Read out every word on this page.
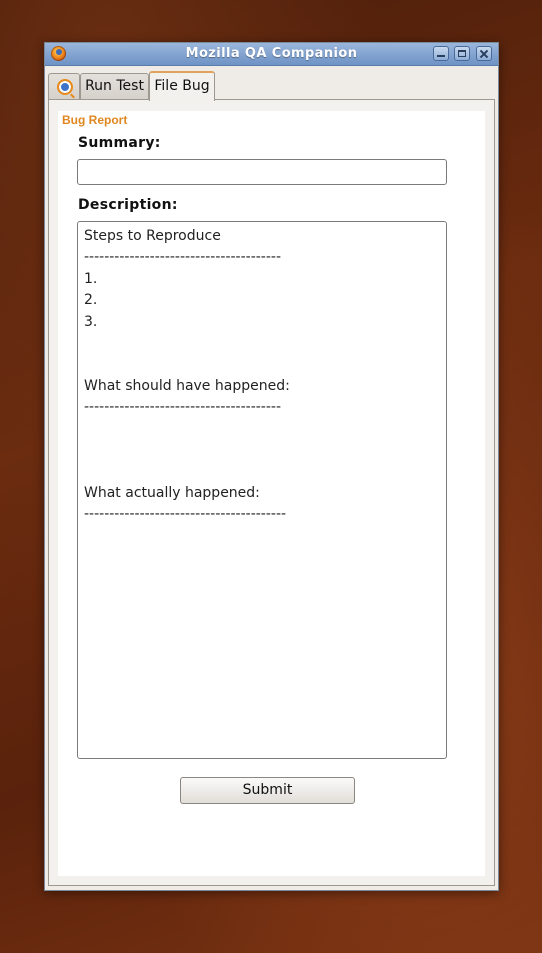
Mozilla QA Companion
Run Test File Bug
Bug Report
Summary:
Description:
Steps to Reproduce --------------------------------------- 1. 2. 3. What should have happened: --------------------------------------- What actually happened: ----------------------------------------
Submit
